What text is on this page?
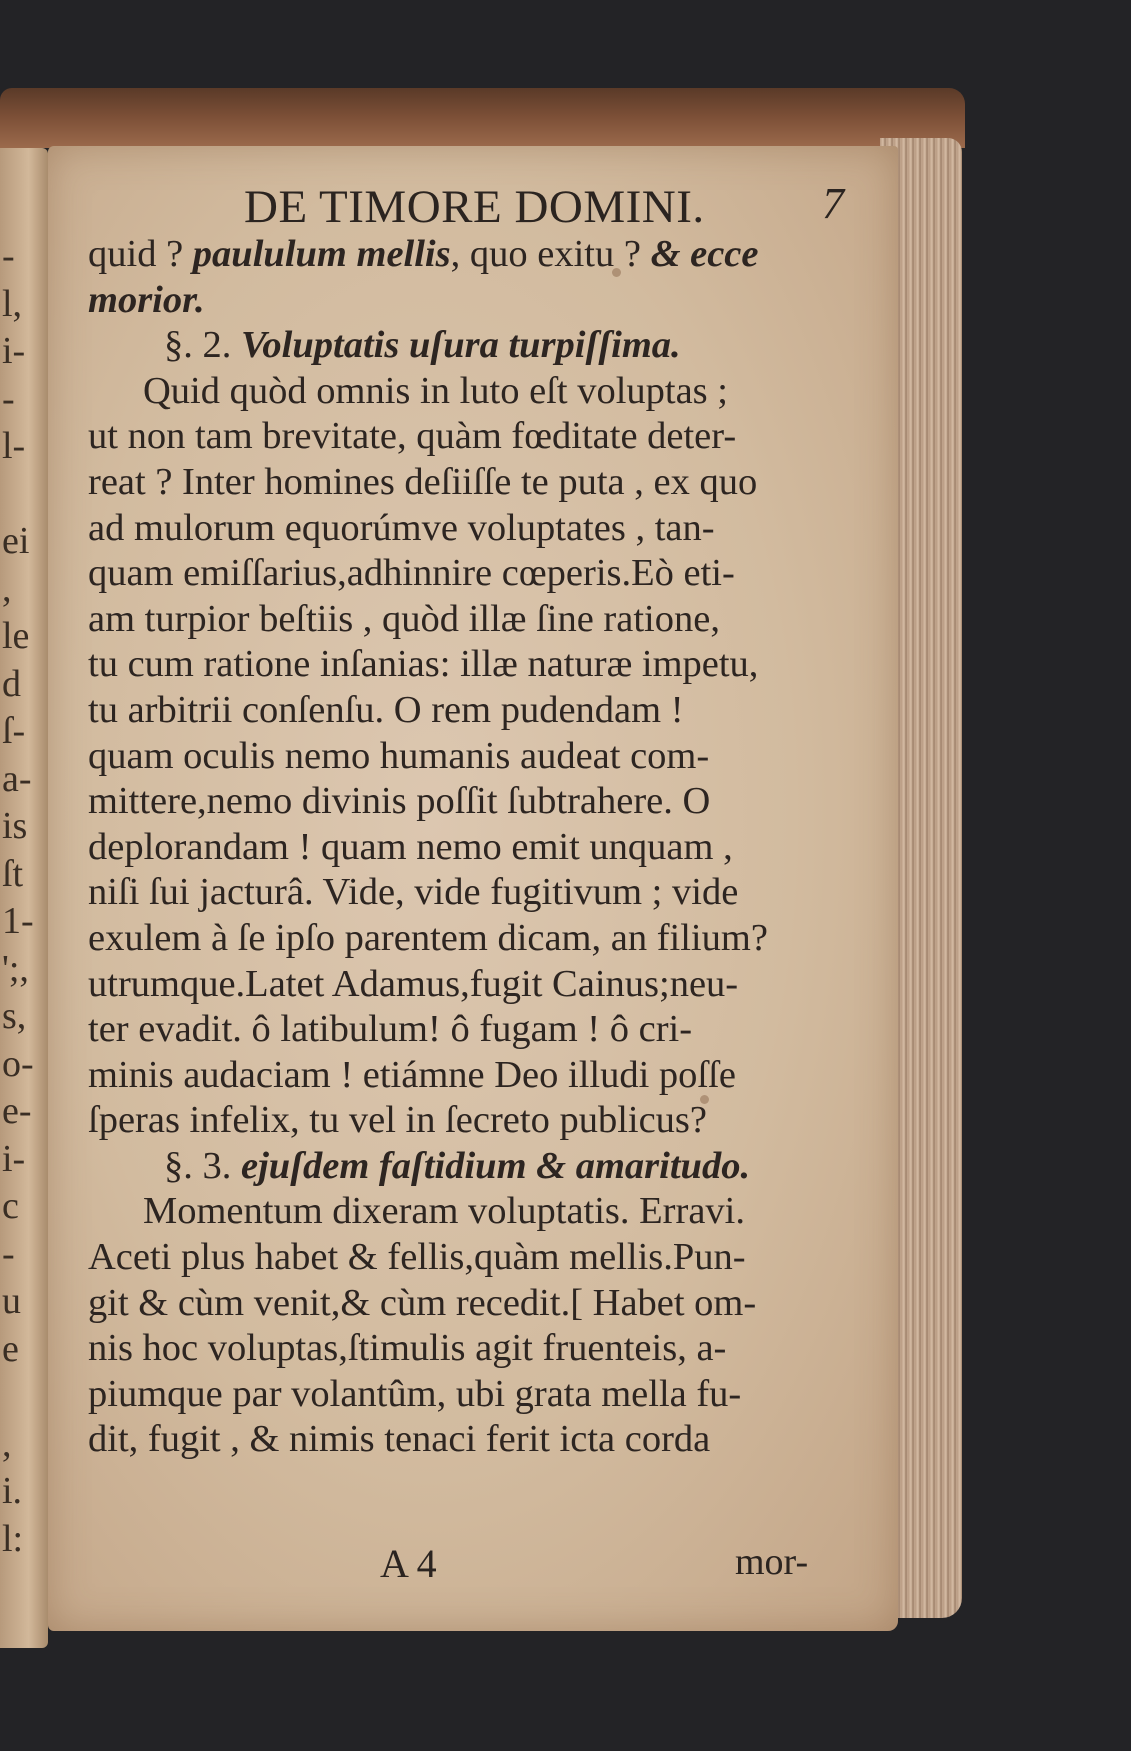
-
l,
i-
-
l-
ei
,
le
d
ſ-
a-
is
ſt
1-
';,
s,
o-
e-
i-
c
-
u
e
,
i.
l:
DE TIMORE DOMINI.	7
quid ? paululum mellis, quo exitu ? & ecce
morior.
§. 2. Voluptatis uſura turpiſſima.
Quid quòd omnis in luto eſt voluptas ;
ut non tam brevitate, quàm fœditate deter-
reat ? Inter homines deſiiſſe te puta , ex quo
ad mulorum equorúmve voluptates , tan-
quam emiſſarius,adhinnire cœperis.Eò eti-
am turpior beſtiis , quòd illæ ſine ratione,
tu cum ratione inſanias: illæ naturæ impetu,
tu arbitrii conſenſu. O rem pudendam !
quam oculis nemo humanis audeat com-
mittere,nemo divinis poſſit ſubtrahere. O
deplorandam ! quam nemo emit unquam ,
niſi ſui jacturâ. Vide, vide fugitivum ; vide
exulem à ſe ipſo parentem dicam, an filium?
utrumque.Latet Adamus,fugit Cainus;neu-
ter evadit. ô latibulum! ô fugam ! ô cri-
minis audaciam ! etiámne Deo illudi poſſe
ſperas infelix, tu vel in ſecreto publicus?
§. 3. ejuſdem faſtidium & amaritudo.
Momentum dixeram voluptatis. Erravi.
Aceti plus habet & fellis,quàm mellis.Pun-
git & cùm venit,& cùm recedit.[ Habet om-
nis hoc voluptas,ſtimulis agit fruenteis, a-
piumque par volantûm, ubi grata mella fu-
dit, fugit , & nimis tenaci ferit icta corda
A 4	mor-
